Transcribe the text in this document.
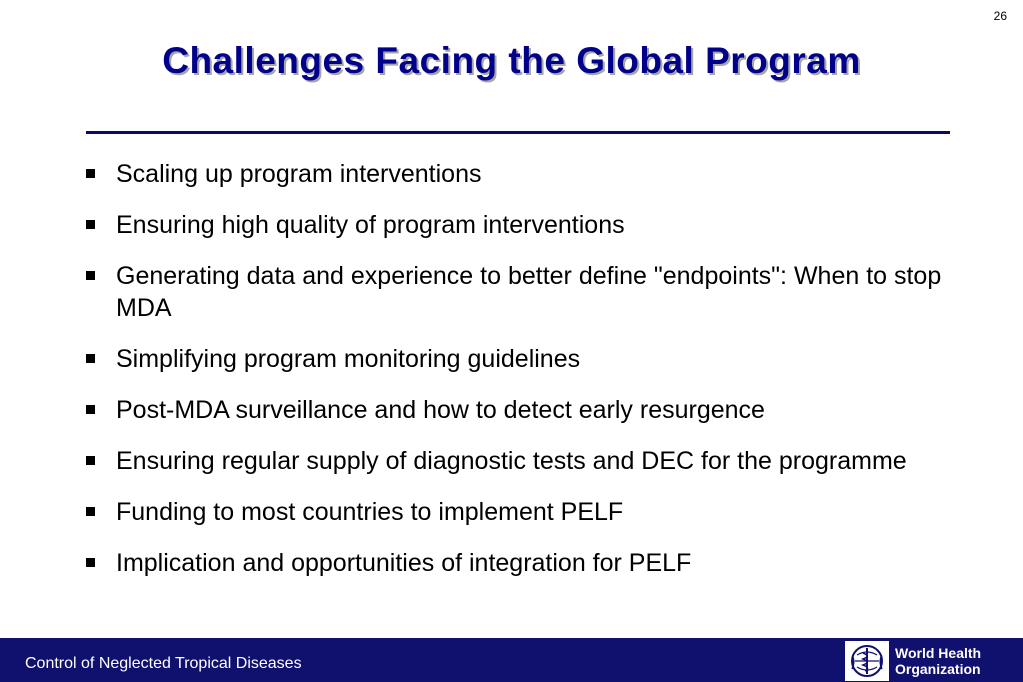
26
Challenges Facing the Global Program
Scaling up program interventions
Ensuring high quality of program interventions
Generating data and experience to better define "endpoints": When to stop MDA
Simplifying program monitoring guidelines
Post-MDA surveillance and how to detect early resurgence
Ensuring regular supply of diagnostic tests and DEC for the programme
Funding to most countries to implement PELF
Implication and opportunities of integration for PELF
Control of Neglected Tropical Diseases
World Health
Organization
